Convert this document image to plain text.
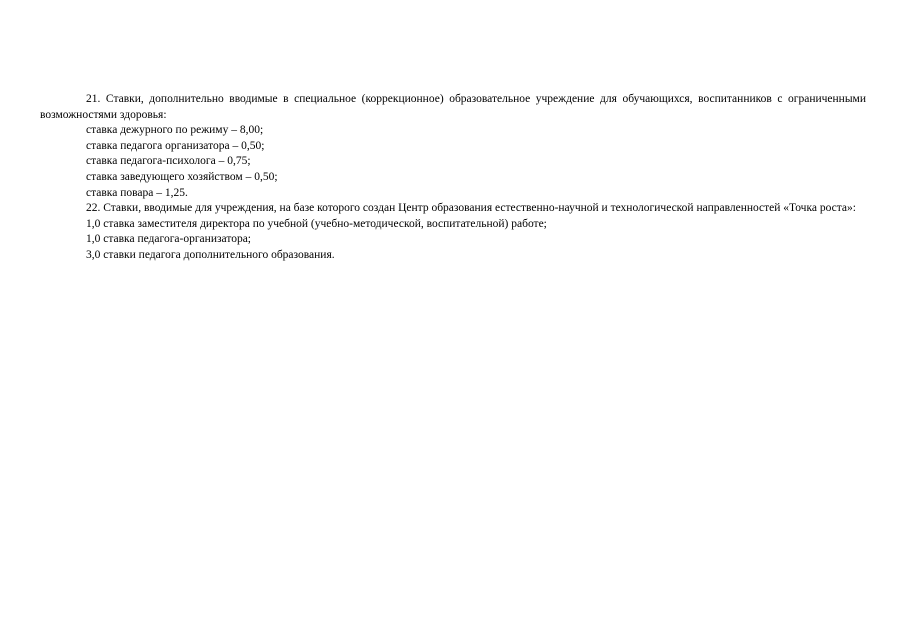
21. Ставки, дополнительно вводимые в специальное (коррекционное) образовательное учреждение для обучающихся, воспитанников с ограниченными возможностями здоровья:

ставка дежурного по режиму – 8,00;
ставка педагога организатора – 0,50;
ставка педагога-психолога – 0,75;
ставка заведующего хозяйством – 0,50;
ставка повара – 1,25.

22. Ставки, вводимые для учреждения, на базе которого создан Центр образования естественно-научной и технологической направленностей «Точка роста»:

1,0 ставка заместителя директора по учебной (учебно-методической, воспитательной) работе;
1,0 ставка педагога-организатора;
3,0 ставки педагога дополнительного образования.
